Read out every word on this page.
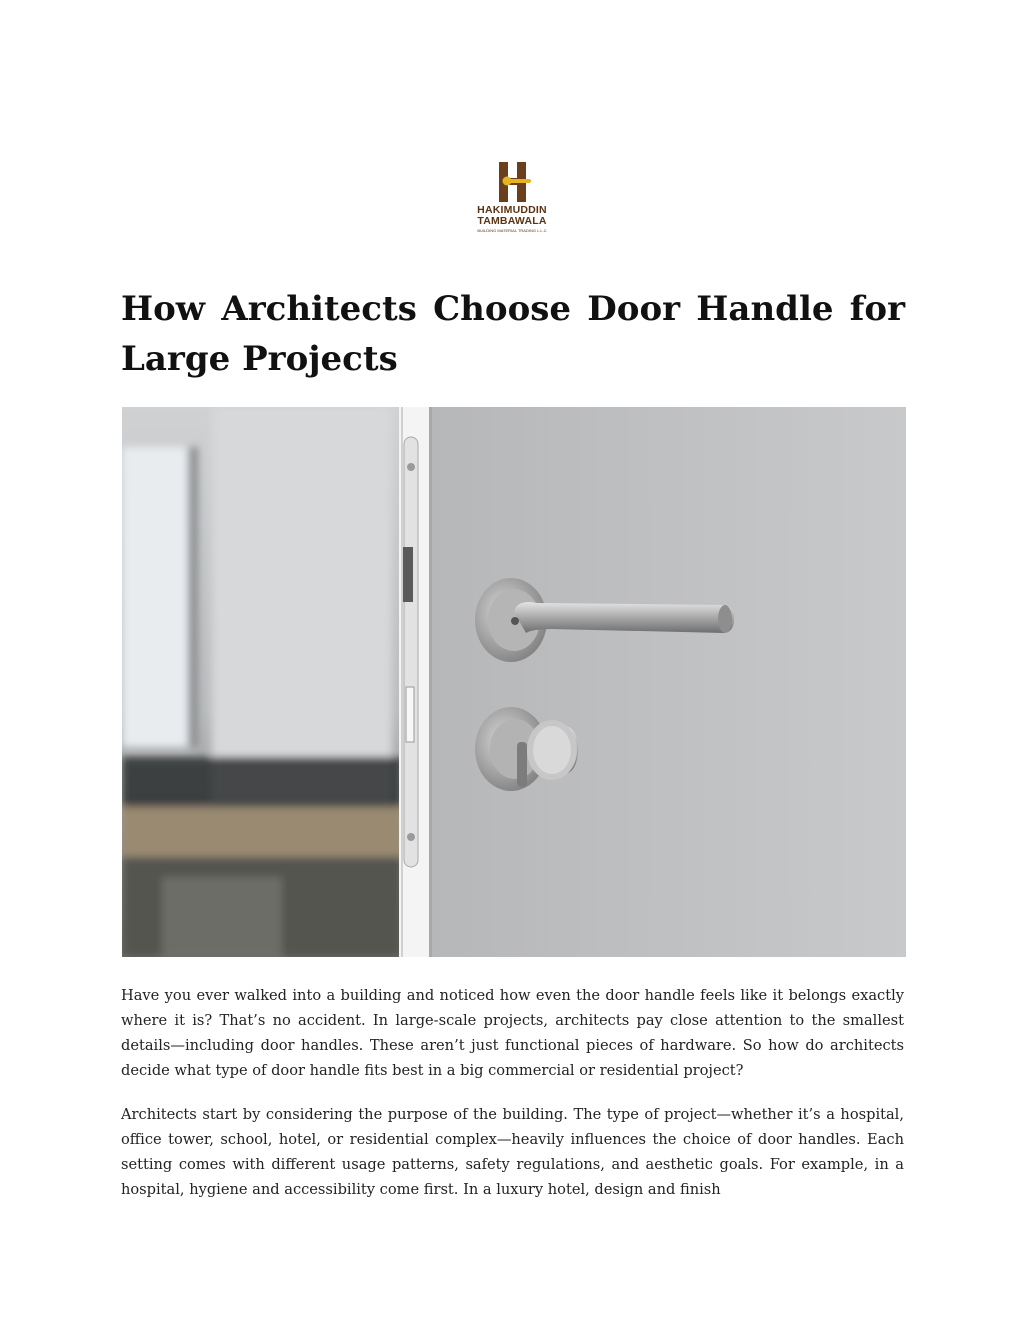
HAKIMUDDIN
TAMBAWALA
BUILDING MATERIAL TRADING L.L.C
How Architects Choose Door Handle for Large Projects

Have you ever walked into a building and noticed how even the door handle feels like it belongs exactly where it is? That’s no accident. In large-scale projects, architects pay close attention to the smallest details—including door handles. These aren’t just functional pieces of hardware. So how do architects decide what type of door handle fits best in a big commercial or residential project?

Architects start by considering the purpose of the building. The type of project—whether it’s a hospital, office tower, school, hotel, or residential complex—heavily influences the choice of door handles. Each setting comes with different usage patterns, safety regulations, and aesthetic goals. For example, in a hospital, hygiene and accessibility come first. In a luxury hotel, design and finish
